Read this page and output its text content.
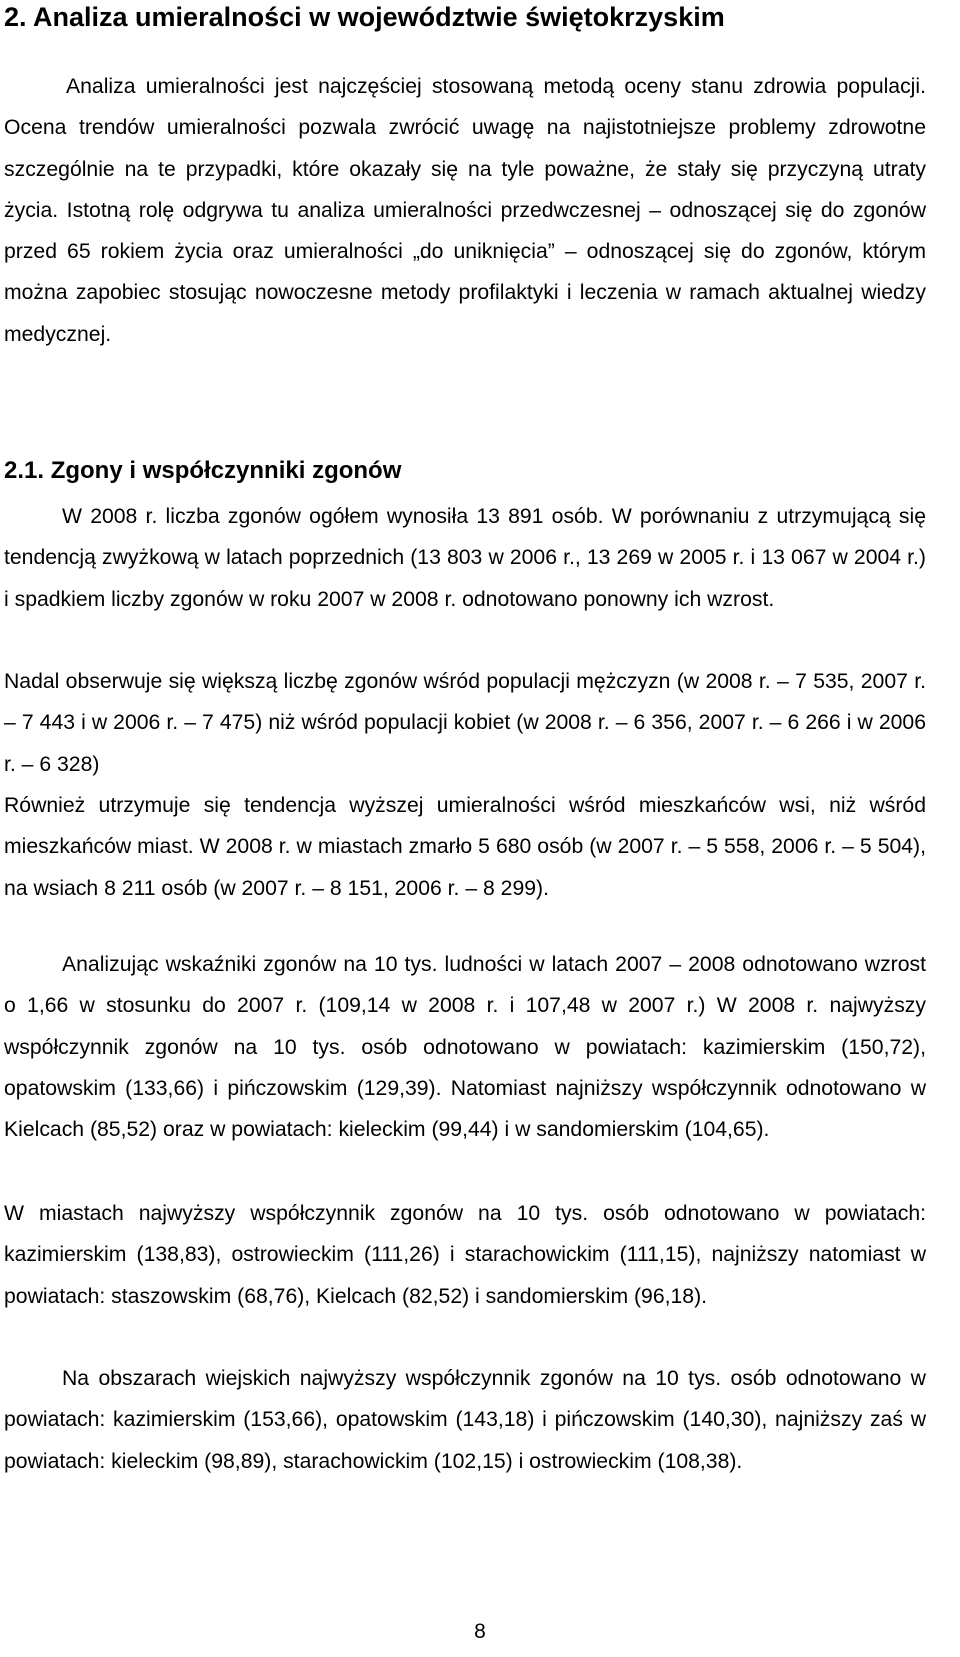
2. Analiza umieralności w województwie świętokrzyskim

Analiza umieralności jest najczęściej stosowaną metodą oceny stanu zdrowia populacji. Ocena trendów umieralności pozwala zwrócić uwagę na najistotniejsze problemy zdrowotne szczególnie na te przypadki, które okazały się na tyle poważne, że stały się przyczyną utraty życia. Istotną rolę odgrywa tu analiza umieralności przedwczesnej – odnoszącej się do zgonów przed 65 rokiem życia oraz umieralności „do uniknięcia” – odnoszącej się do zgonów, którym można zapobiec stosując nowoczesne metody profilaktyki i leczenia w ramach aktualnej wiedzy medycznej.

2.1. Zgony i współczynniki zgonów

W 2008 r. liczba zgonów ogółem wynosiła 13 891 osób. W porównaniu z utrzymującą się tendencją zwyżkową w latach poprzednich (13 803 w 2006 r., 13 269 w 2005 r. i 13 067 w 2004 r.) i spadkiem liczby zgonów w roku 2007 w 2008 r. odnotowano ponowny ich wzrost.

Nadal obserwuje się większą liczbę zgonów wśród populacji mężczyzn (w 2008 r. – 7 535, 2007 r. – 7 443 i w 2006 r. – 7 475) niż wśród populacji kobiet (w 2008 r. – 6 356, 2007 r. – 6 266 i w 2006 r. – 6 328)

Również utrzymuje się tendencja wyższej umieralności wśród mieszkańców wsi, niż wśród mieszkańców miast. W 2008 r. w miastach zmarło 5 680 osób (w 2007 r. – 5 558, 2006 r. – 5 504), na wsiach 8 211 osób (w 2007 r. – 8 151, 2006 r. – 8 299).

Analizując wskaźniki zgonów na 10 tys. ludności w latach 2007 – 2008 odnotowano wzrost o 1,66 w stosunku do 2007 r. (109,14 w 2008 r. i 107,48 w 2007 r.) W 2008 r. najwyższy współczynnik zgonów na 10 tys. osób odnotowano w powiatach: kazimierskim (150,72), opatowskim (133,66) i pińczowskim (129,39). Natomiast najniższy współczynnik odnotowano w Kielcach (85,52) oraz w powiatach: kieleckim (99,44) i w sandomierskim (104,65).

W miastach najwyższy współczynnik zgonów na 10 tys. osób odnotowano w powiatach: kazimierskim (138,83), ostrowieckim (111,26) i starachowickim (111,15), najniższy natomiast w powiatach: staszowskim (68,76), Kielcach (82,52) i sandomierskim (96,18).

Na obszarach wiejskich najwyższy współczynnik zgonów na 10 tys. osób odnotowano w powiatach: kazimierskim (153,66), opatowskim (143,18) i pińczowskim (140,30), najniższy zaś w powiatach: kieleckim (98,89), starachowickim (102,15) i ostrowieckim (108,38).

8
